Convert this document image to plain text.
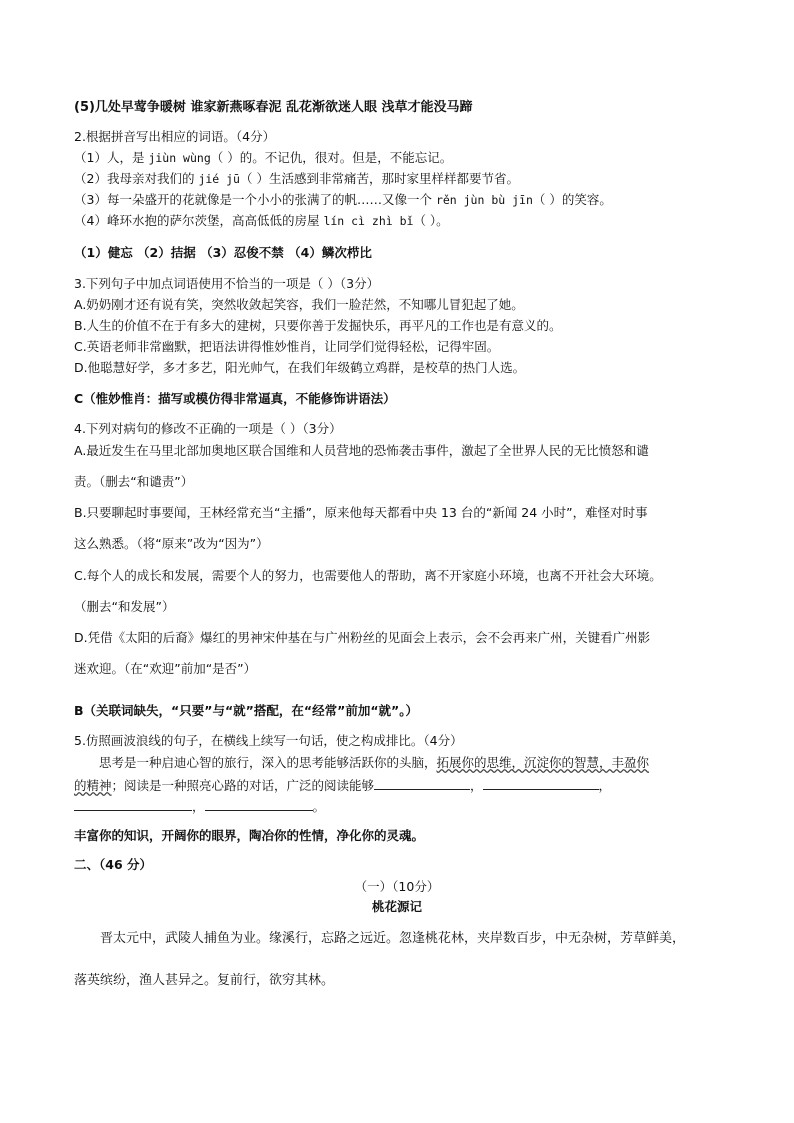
(5)几处早莺争暖树 谁家新燕啄春泥 乱花渐欲迷人眼 浅草才能没马蹄
2.根据拼音写出相应的词语。（4分）
（1）人，是 jiùn wùng（ ）的。不记仇，很对。但是，不能忘记。
（2）我母亲对我们的 jié jū（ ）生活感到非常痛苦，那时家里样样都要节省。
（3）每一朵盛开的花就像是一个小小的张满了的帆……又像一个 rěn jùn bù jīn（ ）的笑容。
（4）峰环水抱的萨尔茨堡，高高低低的房屋 lín cì zhì bǐ（ ）。
（1）健忘 （2）拮据 （3）忍俊不禁 （4）鳞次栉比
3.下列句子中加点词语使用不恰当的一项是（ ）（3分）
A.奶奶刚才还有说有笑，突然收敛起笑容，我们一脸茫然，不知哪儿冒犯起了她。
B.人生的价值不在于有多大的建树，只要你善于发掘快乐，再平凡的工作也是有意义的。
C.英语老师非常幽默，把语法讲得惟妙惟肖，让同学们觉得轻松，记得牢固。
D.他聪慧好学，多才多艺，阳光帅气，在我们年级鹤立鸡群，是校草的热门人选。
C（惟妙惟肖：描写或模仿得非常逼真，不能修饰讲语法）
4.下列对病句的修改不正确的一项是（ ）（3分）
A.最近发生在马里北部加奥地区联合国维和人员营地的恐怖袭击事件，激起了全世界人民的无比愤怒和谴
责。（删去“和谴责”）
B.只要聊起时事要闻，王林经常充当“主播”，原来他每天都看中央 13 台的“新闻 24 小时”，难怪对时事
这么熟悉。（将“原来”改为“因为”）
C.每个人的成长和发展，需要个人的努力，也需要他人的帮助，离不开家庭小环境，也离不开社会大环境。
（删去“和发展”）
D.凭借《太阳的后裔》爆红的男神宋仲基在与广州粉丝的见面会上表示，会不会再来广州，关键看广州影
迷欢迎。（在“欢迎”前加“是否”）
B（关联词缺失，“只要”与“就”搭配，在“经常”前加“就”。）
5.仿照画波浪线的句子，在横线上续写一句话，使之构成排比。（4分）
思考是一种启迪心智的旅行，深入的思考能够活跃你的头脑，拓展你的思维，沉淀你的智慧，丰盈你
的精神；阅读是一种照亮心路的对话，广泛的阅读能够	，	，
，	。
丰富你的知识，开阔你的眼界，陶冶你的性情，净化你的灵魂。
二、（46 分）
（一）（10分）
桃花源记
晋太元中，武陵人捕鱼为业。缘溪行，忘路之远近。忽逢桃花林，夹岸数百步，中无杂树，芳草鲜美，
落英缤纷，渔人甚异之。复前行，欲穷其林。
